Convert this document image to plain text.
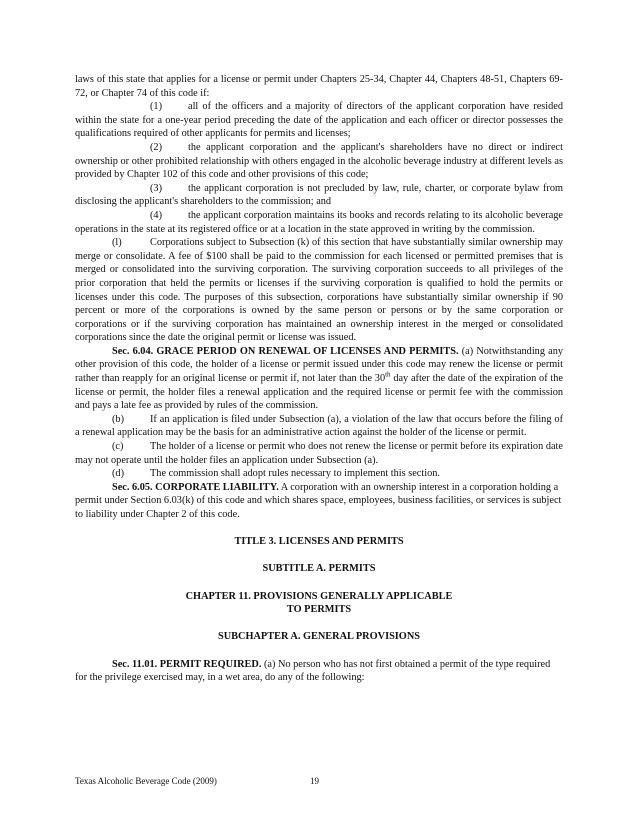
laws of this state that applies for a license or permit under Chapters 25-34, Chapter 44, Chapters 48-51, Chapters 69-72, or Chapter 74 of this code if:

(1)	all of the officers and a majority of directors of the applicant corporation have resided within the state for a one-year period preceding the date of the application and each officer or director possesses the qualifications required of other applicants for permits and licenses;

(2)	the applicant corporation and the applicant's shareholders have no direct or indirect ownership or other prohibited relationship with others engaged in the alcoholic beverage industry at different levels as provided by Chapter 102 of this code and other provisions of this code;

(3)	the applicant corporation is not precluded by law, rule, charter, or corporate bylaw from disclosing the applicant's shareholders to the commission; and

(4)	the applicant corporation maintains its books and records relating to its alcoholic beverage operations in the state at its registered office or at a location in the state approved in writing by the commission.

(l)	Corporations subject to Subsection (k) of this section that have substantially similar ownership may merge or consolidate. A fee of $100 shall be paid to the commission for each licensed or permitted premises that is merged or consolidated into the surviving corporation. The surviving corporation succeeds to all privileges of the prior corporation that held the permits or licenses if the surviving corporation is qualified to hold the permits or licenses under this code. The purposes of this subsection, corporations have substantially similar ownership if 90 percent or more of the corporations is owned by the same person or persons or by the same corporation or corporations or if the surviving corporation has maintained an ownership interest in the merged or consolidated corporations since the date the original permit or license was issued.

Sec. 6.04. GRACE PERIOD ON RENEWAL OF LICENSES AND PERMITS. (a) Notwithstanding any other provision of this code, the holder of a license or permit issued under this code may renew the license or permit rather than reapply for an original license or permit if, not later than the 30th day after the date of the expiration of the license or permit, the holder files a renewal application and the required license or permit fee with the commission and pays a late fee as provided by rules of the commission.

(b)	If an application is filed under Subsection (a), a violation of the law that occurs before the filing of a renewal application may be the basis for an administrative action against the holder of the license or permit.

(c)	The holder of a license or permit who does not renew the license or permit before its expiration date may not operate until the holder files an application under Subsection (a).

(d)	The commission shall adopt rules necessary to implement this section.

Sec. 6.05. CORPORATE LIABILITY. A corporation with an ownership interest in a corporation holding a permit under Section 6.03(k) of this code and which shares space, employees, business facilities, or services is subject to liability under Chapter 2 of this code.

TITLE 3. LICENSES AND PERMITS

SUBTITLE A. PERMITS

CHAPTER 11. PROVISIONS GENERALLY APPLICABLE

TO PERMITS

SUBCHAPTER A. GENERAL PROVISIONS

Sec. 11.01. PERMIT REQUIRED. (a) No person who has not first obtained a permit of the type required for the privilege exercised may, in a wet area, do any of the following:

Texas Alcoholic Beverage Code (2009)	19
